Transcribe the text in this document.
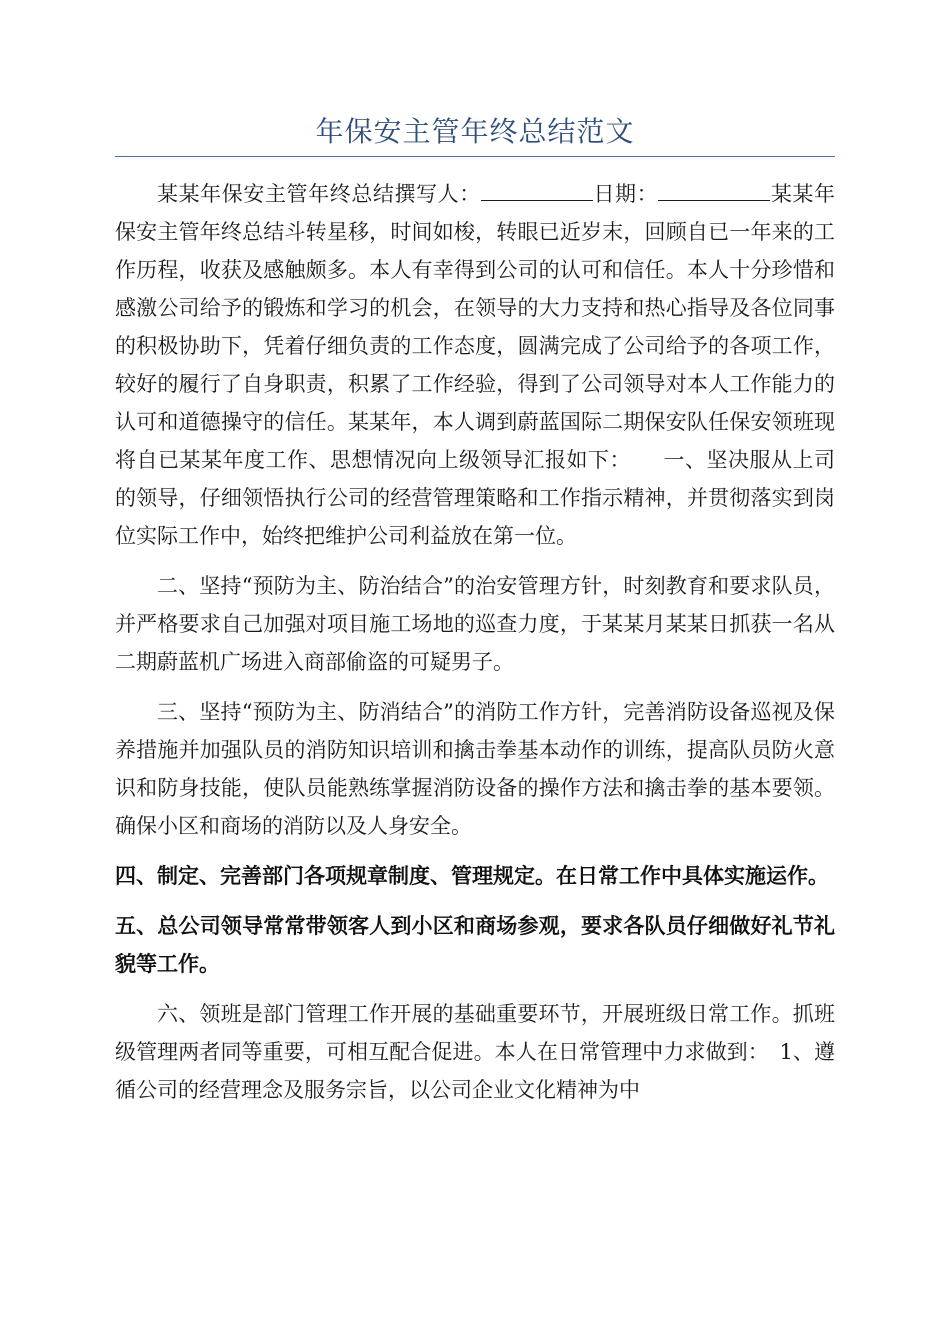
年保安主管年终总结范文

某某年保安主管年终总结撰写人：	日期：	某某年保安主管年终总结斗转星移，时间如梭，转眼已近岁末，回顾自已一年来的工作历程，收获及感触颇多。本人有幸得到公司的认可和信任。本人十分珍惜和感激公司给予的锻炼和学习的机会，在领导的大力支持和热心指导及各位同事的积极协助下，凭着仔细负责的工作态度，圆满完成了公司给予的各项工作，较好的履行了自身职责，积累了工作经验，得到了公司领导对本人工作能力的认可和道德操守的信任。某某年，本人调到蔚蓝国际二期保安队任保安领班现将自已某某年度工作、思想情况向上级领导汇报如下：　　一、坚决服从上司的领导，仔细领悟执行公司的经营管理策略和工作指示精神，并贯彻落实到岗位实际工作中，始终把维护公司利益放在第一位。

二、坚持“预防为主、防治结合”的治安管理方针，时刻教育和要求队员，并严格要求自己加强对项目施工场地的巡查力度，于某某月某某日抓获一名从二期蔚蓝机广场进入商部偷盗的可疑男子。

三、坚持“预防为主、防消结合”的消防工作方针，完善消防设备巡视及保养措施并加强队员的消防知识培训和擒击拳基本动作的训练，提高队员防火意识和防身技能，使队员能熟练掌握消防设备的操作方法和擒击拳的基本要领。确保小区和商场的消防以及人身安全。

四、制定、完善部门各项规章制度、管理规定。在日常工作中具体实施运作。

五、总公司领导常常带领客人到小区和商场参观，要求各队员仔细做好礼节礼貌等工作。

六、领班是部门管理工作开展的基础重要环节，开展班级日常工作。抓班级管理两者同等重要，可相互配合促进。本人在日常管理中力求做到：　1、遵循公司的经营理念及服务宗旨，以公司企业文化精神为中
